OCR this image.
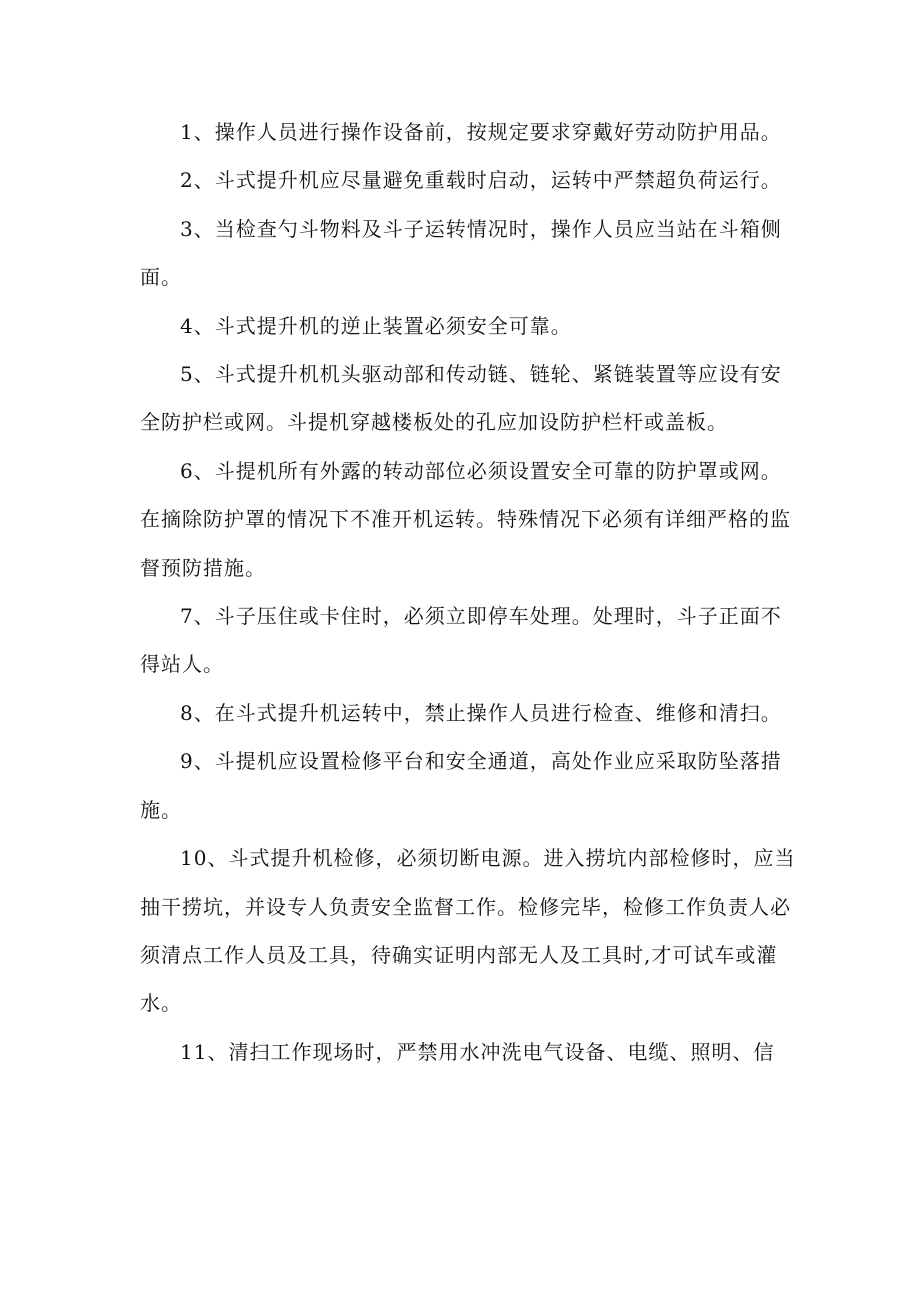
1、操作人员进行操作设备前，按规定要求穿戴好劳动防护用品。

2、斗式提升机应尽量避免重载时启动，运转中严禁超负荷运行。

3、当检查勺斗物料及斗子运转情况时，操作人员应当站在斗箱侧面。

4、斗式提升机的逆止装置必须安全可靠。

5、斗式提升机机头驱动部和传动链、链轮、紧链装置等应设有安全防护栏或网。斗提机穿越楼板处的孔应加设防护栏杆或盖板。

6、斗提机所有外露的转动部位必须设置安全可靠的防护罩或网。在摘除防护罩的情况下不准开机运转。特殊情况下必须有详细严格的监督预防措施。

7、斗子压住或卡住时，必须立即停车处理。处理时，斗子正面不得站人。

8、在斗式提升机运转中，禁止操作人员进行检查、维修和清扫。

9、斗提机应设置检修平台和安全通道，高处作业应采取防坠落措施。

10、斗式提升机检修，必须切断电源。进入捞坑内部检修时，应当抽干捞坑，并设专人负责安全监督工作。检修完毕，检修工作负责人必须清点工作人员及工具，待确实证明内部无人及工具时,才可试车或灌水。

11、清扫工作现场时，严禁用水冲洗电气设备、电缆、照明、信
